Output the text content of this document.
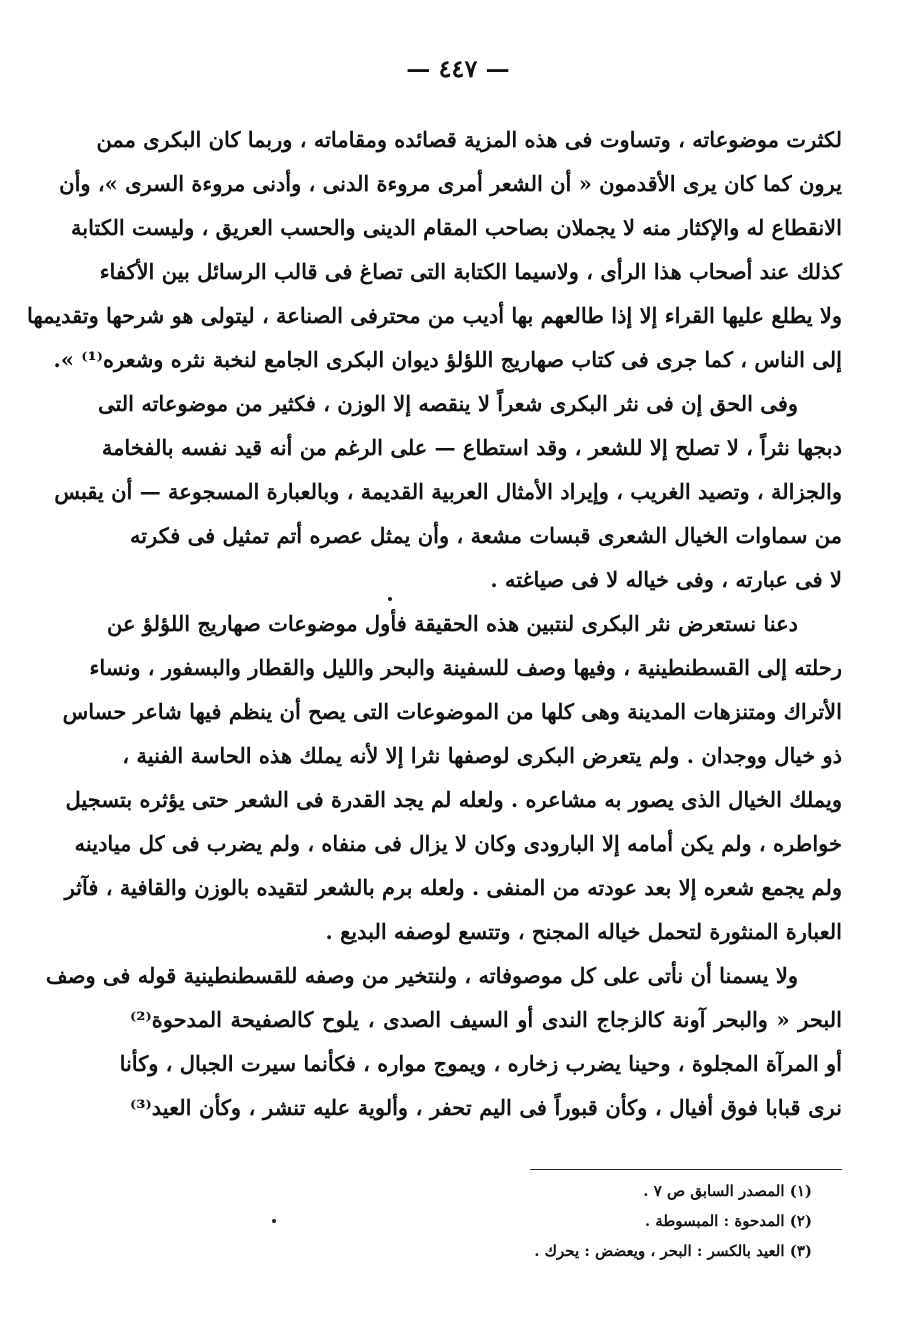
— ٤٤٧ —
لكثرت موضوعاته ، وتساوت فى هذه المزية قصائده ومقاماته ، وربما كان البكرى ممن
يرون كما كان يرى الأقدمون « أن الشعر أمرى مروءة الدنى ، وأدنى مروءة السرى »، وأن
الانقطاع له والإكثار منه لا يجملان بصاحب المقام الدينى والحسب العريق ، وليست الكتابة
كذلك عند أصحاب هذا الرأى ، ولاسيما الكتابة التى تصاغ فى قالب الرسائل بين الأكفاء
ولا يطلع عليها القراء إلا إذا طالعهم بها أديب من محترفى الصناعة ، ليتولى هو شرحها وتقديمها
إلى الناس ، كما جرى فى كتاب صهاريج اللؤلؤ ديوان البكرى الجامع لنخبة نثره وشعره⁽¹⁾ ».
وفى الحق إن فى نثر البكرى شعراً لا ينقصه إلا الوزن ، فكثير من موضوعاته التى
دبجها نثراً ، لا تصلح إلا للشعر ، وقد استطاع — على الرغم من أنه قيد نفسه بالفخامة
والجزالة ، وتصيد الغريب ، وإيراد الأمثال العربية القديمة ، وبالعبارة المسجوعة — أن يقبس
من سماوات الخيال الشعرى قبسات مشعة ، وأن يمثل عصره أتم تمثيل فى فكرته
لا فى عبارته ، وفى خياله لا فى صياغته .
دعنا نستعرض نثر البكرى لنتبين هذه الحقيقة فأول موضوعات صهاريج اللؤلؤ عن
رحلته إلى القسطنطينية ، وفيها وصف للسفينة والبحر والليل والقطار والبسفور ، ونساء
الأتراك ومتنزهات المدينة وهى كلها من الموضوعات التى يصح أن ينظم فيها شاعر حساس
ذو خيال ووجدان . ولم يتعرض البكرى لوصفها نثرا إلا لأنه يملك هذه الحاسة الفنية ،
ويملك الخيال الذى يصور به مشاعره . ولعله لم يجد القدرة فى الشعر حتى يؤثره بتسجيل
خواطره ، ولم يكن أمامه إلا البارودى وكان لا يزال فى منفاه ، ولم يضرب فى كل ميادينه
ولم يجمع شعره إلا بعد عودته من المنفى . ولعله برم بالشعر لتقيده بالوزن والقافية ، فآثر
العبارة المنثورة لتحمل خياله المجنح ، وتتسع لوصفه البديع .
ولا يسمنا أن نأتى على كل موصوفاته ، ولنتخير من وصفه للقسطنطينية قوله فى وصف
البحر « والبحر آونة كالزجاج الندى أو السيف الصدى ، يلوح كالصفيحة المدحوة⁽²⁾
أو المرآة المجلوة ، وحينا يضرب زخاره ، ويموج مواره ، فكأنما سيرت الجبال ، وكأنا
نرى قبابا فوق أفيال ، وكأن قبوراً فى اليم تحفر ، وألوية عليه تنشر ، وكأن العيد⁽³⁾
(١) المصدر السابق ص ٧ .
(٢) المدحوة : المبسوطة .
(٣) العيد بالكسر : البحر ، ويعضض : يحرك .
